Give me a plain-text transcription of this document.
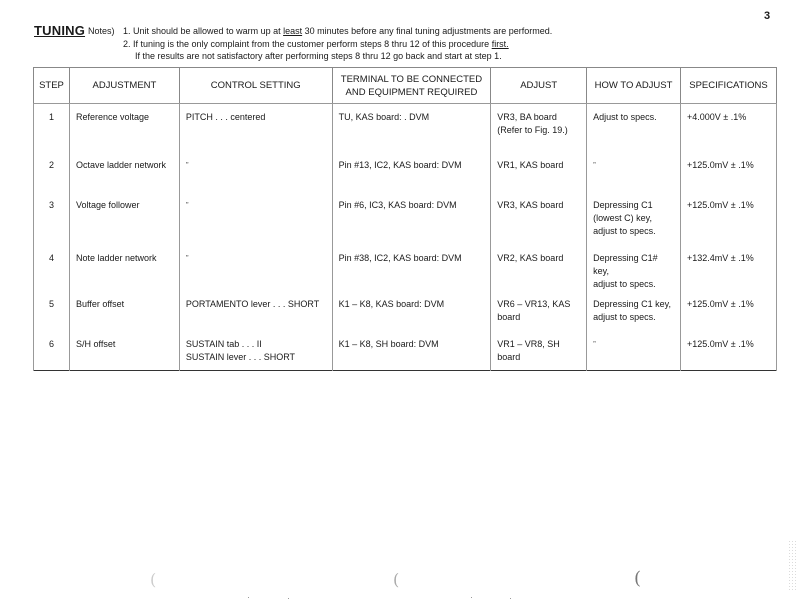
3
TUNING Notes) 1. Unit should be allowed to warm up at least 30 minutes before any final tuning adjustments are performed.
2. If tuning is the only complaint from the customer perform steps 8 thru 12 of this procedure first.
If the results are not satisfactory after performing steps 8 thru 12 go back and start at step 1.
STEP	ADJUSTMENT	CONTROL SETTING	TERMINAL TO BE CONNECTED
AND EQUIPMENT REQUIRED	ADJUST	HOW TO ADJUST	SPECIFICATIONS
1	Reference voltage	PITCH . . . centered	TU, KAS board: . DVM	VR3, BA board
(Refer to Fig. 19.)	Adjust to specs.	+4.000V ± .1%
2	Octave ladder network	”	Pin #13, IC2, KAS board: DVM	VR1, KAS board	”	+125.0mV ± .1%
3	Voltage follower	”	Pin #6, IC3, KAS board: DVM	VR3, KAS board	Depressing C1
(lowest C) key,
adjust to specs.	+125.0mV ± .1%
4	Note ladder network	”	Pin #38, IC2, KAS board: DVM	VR2, KAS board	Depressing C1# key,
adjust to specs.	+132.4mV ± .1%
5	Buffer offset	PORTAMENTO lever . . . SHORT	K1 – K8, KAS board: DVM	VR6 – VR13, KAS
board	Depressing C1 key,
adjust to specs.	+125.0mV ± .1%
6	S/H offset	SUSTAIN tab . . . II
SUSTAIN lever . . . SHORT	K1 – K8, SH board: DVM	VR1 – VR8, SH
board	”	+125.0mV ± .1%
(	(	(
